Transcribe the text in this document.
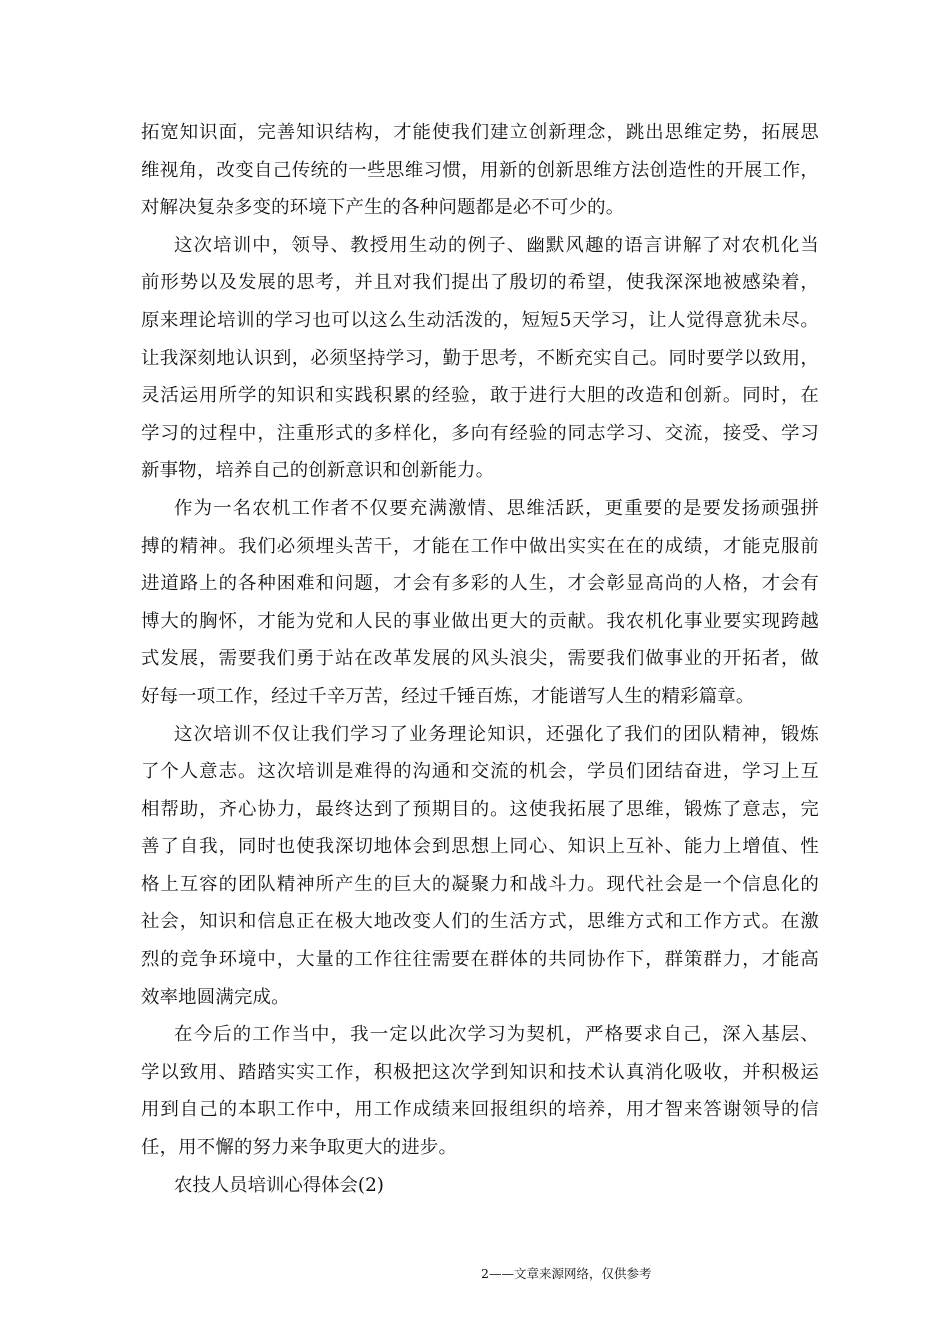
拓宽知识面，完善知识结构，才能使我们建立创新理念，跳出思维定势，拓展思
维视角，改变自己传统的一些思维习惯，用新的创新思维方法创造性的开展工作，
对解决复杂多变的环境下产生的各种问题都是必不可少的。
这次培训中，领导、教授用生动的例子、幽默风趣的语言讲解了对农机化当
前形势以及发展的思考，并且对我们提出了殷切的希望，使我深深地被感染着，
原来理论培训的学习也可以这么生动活泼的，短短5天学习，让人觉得意犹未尽。
让我深刻地认识到，必须坚持学习，勤于思考，不断充实自己。同时要学以致用，
灵活运用所学的知识和实践积累的经验，敢于进行大胆的改造和创新。同时，在
学习的过程中，注重形式的多样化，多向有经验的同志学习、交流，接受、学习
新事物，培养自己的创新意识和创新能力。
作为一名农机工作者不仅要充满激情、思维活跃，更重要的是要发扬顽强拼
搏的精神。我们必须埋头苦干，才能在工作中做出实实在在的成绩，才能克服前
进道路上的各种困难和问题，才会有多彩的人生，才会彰显高尚的人格，才会有
博大的胸怀，才能为党和人民的事业做出更大的贡献。我农机化事业要实现跨越
式发展，需要我们勇于站在改革发展的风头浪尖，需要我们做事业的开拓者，做
好每一项工作，经过千辛万苦，经过千锤百炼，才能谱写人生的精彩篇章。
这次培训不仅让我们学习了业务理论知识，还强化了我们的团队精神，锻炼
了个人意志。这次培训是难得的沟通和交流的机会，学员们团结奋进，学习上互
相帮助，齐心协力，最终达到了预期目的。这使我拓展了思维，锻炼了意志，完
善了自我，同时也使我深切地体会到思想上同心、知识上互补、能力上增值、性
格上互容的团队精神所产生的巨大的凝聚力和战斗力。现代社会是一个信息化的
社会，知识和信息正在极大地改变人们的生活方式，思维方式和工作方式。在激
烈的竞争环境中，大量的工作往往需要在群体的共同协作下，群策群力，才能高
效率地圆满完成。
在今后的工作当中，我一定以此次学习为契机，严格要求自己，深入基层、
学以致用、踏踏实实工作，积极把这次学到知识和技术认真消化吸收，并积极运
用到自己的本职工作中，用工作成绩来回报组织的培养，用才智来答谢领导的信
任，用不懈的努力来争取更大的进步。
农技人员培训心得体会(2)
2——文章来源网络，仅供参考
